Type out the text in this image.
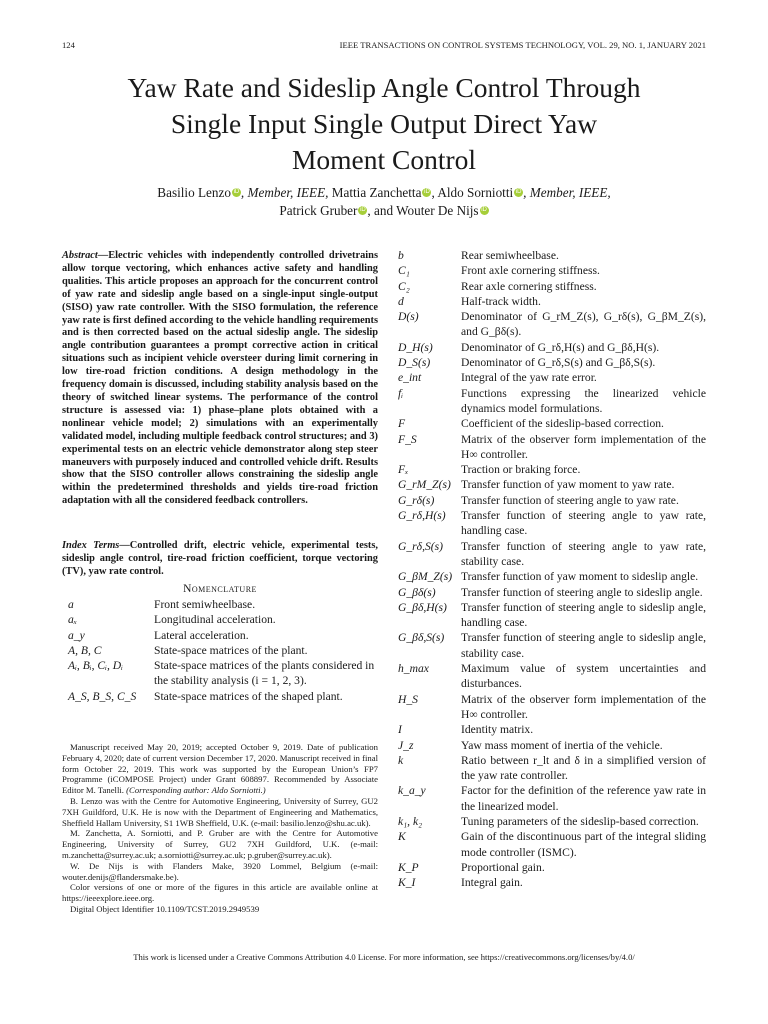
124	IEEE TRANSACTIONS ON CONTROL SYSTEMS TECHNOLOGY, VOL. 29, NO. 1, JANUARY 2021
Yaw Rate and Sideslip Angle Control Through
Single Input Single Output Direct Yaw
Moment Control
Basilio Lenzo iD , Member, IEEE, Mattia Zanchetta iD , Aldo Sorniotti iD , Member, IEEE,
Patrick Gruber iD , and Wouter De Nijs iD
Abstract—Electric vehicles with independently controlled drivetrains allow torque vectoring, which enhances active safety and handling qualities. This article proposes an approach for the concurrent control of yaw rate and sideslip angle based on a single-input single-output (SISO) yaw rate controller. With the SISO formulation, the reference yaw rate is first defined according to the vehicle handling requirements and is then corrected based on the actual sideslip angle. The sideslip angle contribution guarantees a prompt corrective action in critical situations such as incipient vehicle oversteer during limit cornering in low tire-road friction conditions. A design methodology in the frequency domain is discussed, including stability analysis based on the theory of switched linear systems. The performance of the control structure is assessed via: 1) phase–plane plots obtained with a nonlinear vehicle model; 2) simulations with an experimentally validated model, including multiple feedback control structures; and 3) experimental tests on an electric vehicle demonstrator along step steer maneuvers with purposely induced and controlled vehicle drift. Results show that the SISO controller allows constraining the sideslip angle within the predetermined thresholds and yields tire-road friction adaptation with all the considered feedback controllers.
Index Terms—Controlled drift, electric vehicle, experimental tests, sideslip angle control, tire-road friction coefficient, torque vectoring (TV), yaw rate control.
Nomenclature
a	Front semiwheelbase.
aₓ	Longitudinal acceleration.
a_y	Lateral acceleration.
A, B, C	State-space matrices of the plant.
Aᵢ, Bᵢ, Cᵢ, Dᵢ	State-space matrices of the plants considered in the stability analysis (i = 1, 2, 3).
A_S, B_S, C_S	State-space matrices of the shaped plant.
b	Rear semiwheelbase.
C₁	Front axle cornering stiffness.
C₂	Rear axle cornering stiffness.
d	Half-track width.
D(s)	Denominator of G_rM_Z(s), G_rδ(s), G_βM_Z(s), and G_βδ(s).
D_H(s)	Denominator of G_rδ,H(s) and G_βδ,H(s).
D_S(s)	Denominator of G_rδ,S(s) and G_βδ,S(s).
e_int	Integral of the yaw rate error.
fᵢ	Functions expressing the linearized vehicle dynamics model formulations.
F	Coefficient of the sideslip-based correction.
F_S	Matrix of the observer form implementation of the H∞ controller.
Fₓ	Traction or braking force.
G_rM_Z(s)	Transfer function of yaw moment to yaw rate.
G_rδ(s)	Transfer function of steering angle to yaw rate.
G_rδ,H(s)	Transfer function of steering angle to yaw rate, handling case.
G_rδ,S(s)	Transfer function of steering angle to yaw rate, stability case.
G_βM_Z(s)	Transfer function of yaw moment to sideslip angle.
G_βδ(s)	Transfer function of steering angle to sideslip angle.
G_βδ,H(s)	Transfer function of steering angle to sideslip angle, handling case.
G_βδ,S(s)	Transfer function of steering angle to sideslip angle, stability case.
h_max	Maximum value of system uncertainties and disturbances.
H_S	Matrix of the observer form implementation of the H∞ controller.
I	Identity matrix.
J_z	Yaw mass moment of inertia of the vehicle.
k	Ratio between r_lt and δ in a simplified version of the yaw rate controller.
k_a_y	Factor for the definition of the reference yaw rate in the linearized model.
k₁, k₂	Tuning parameters of the sideslip-based correction.
K	Gain of the discontinuous part of the integral sliding mode controller (ISMC).
K_P	Proportional gain.
K_I	Integral gain.

Manuscript received May 20, 2019; accepted October 9, 2019. Date of publication February 4, 2020; date of current version December 17, 2020. Manuscript received in final form October 22, 2019. This work was supported by the European Union’s FP7 Programme (iCOMPOSE Project) under Grant 608897. Recommended by Associate Editor M. Tanelli. (Corresponding author: Aldo Sorniotti.)

B. Lenzo was with the Centre for Automotive Engineering, University of Surrey, GU2 7XH Guildford, U.K. He is now with the Department of Engineering and Mathematics, Sheffield Hallam University, S1 1WB Sheffield, U.K. (e-mail: basilio.lenzo@shu.ac.uk).

M. Zanchetta, A. Sorniotti, and P. Gruber are with the Centre for Automotive Engineering, University of Surrey, GU2 7XH Guildford, U.K. (e-mail: m.zanchetta@surrey.ac.uk; a.sorniotti@surrey.ac.uk; p.gruber@surrey.ac.uk).

W. De Nijs is with Flanders Make, 3920 Lommel, Belgium (e-mail: wouter.denijs@flandersmake.be).

Color versions of one or more of the figures in this article are available online at https://ieeexplore.ieee.org.

Digital Object Identifier 10.1109/TCST.2019.2949539

This work is licensed under a Creative Commons Attribution 4.0 License. For more information, see https://creativecommons.org/licenses/by/4.0/
